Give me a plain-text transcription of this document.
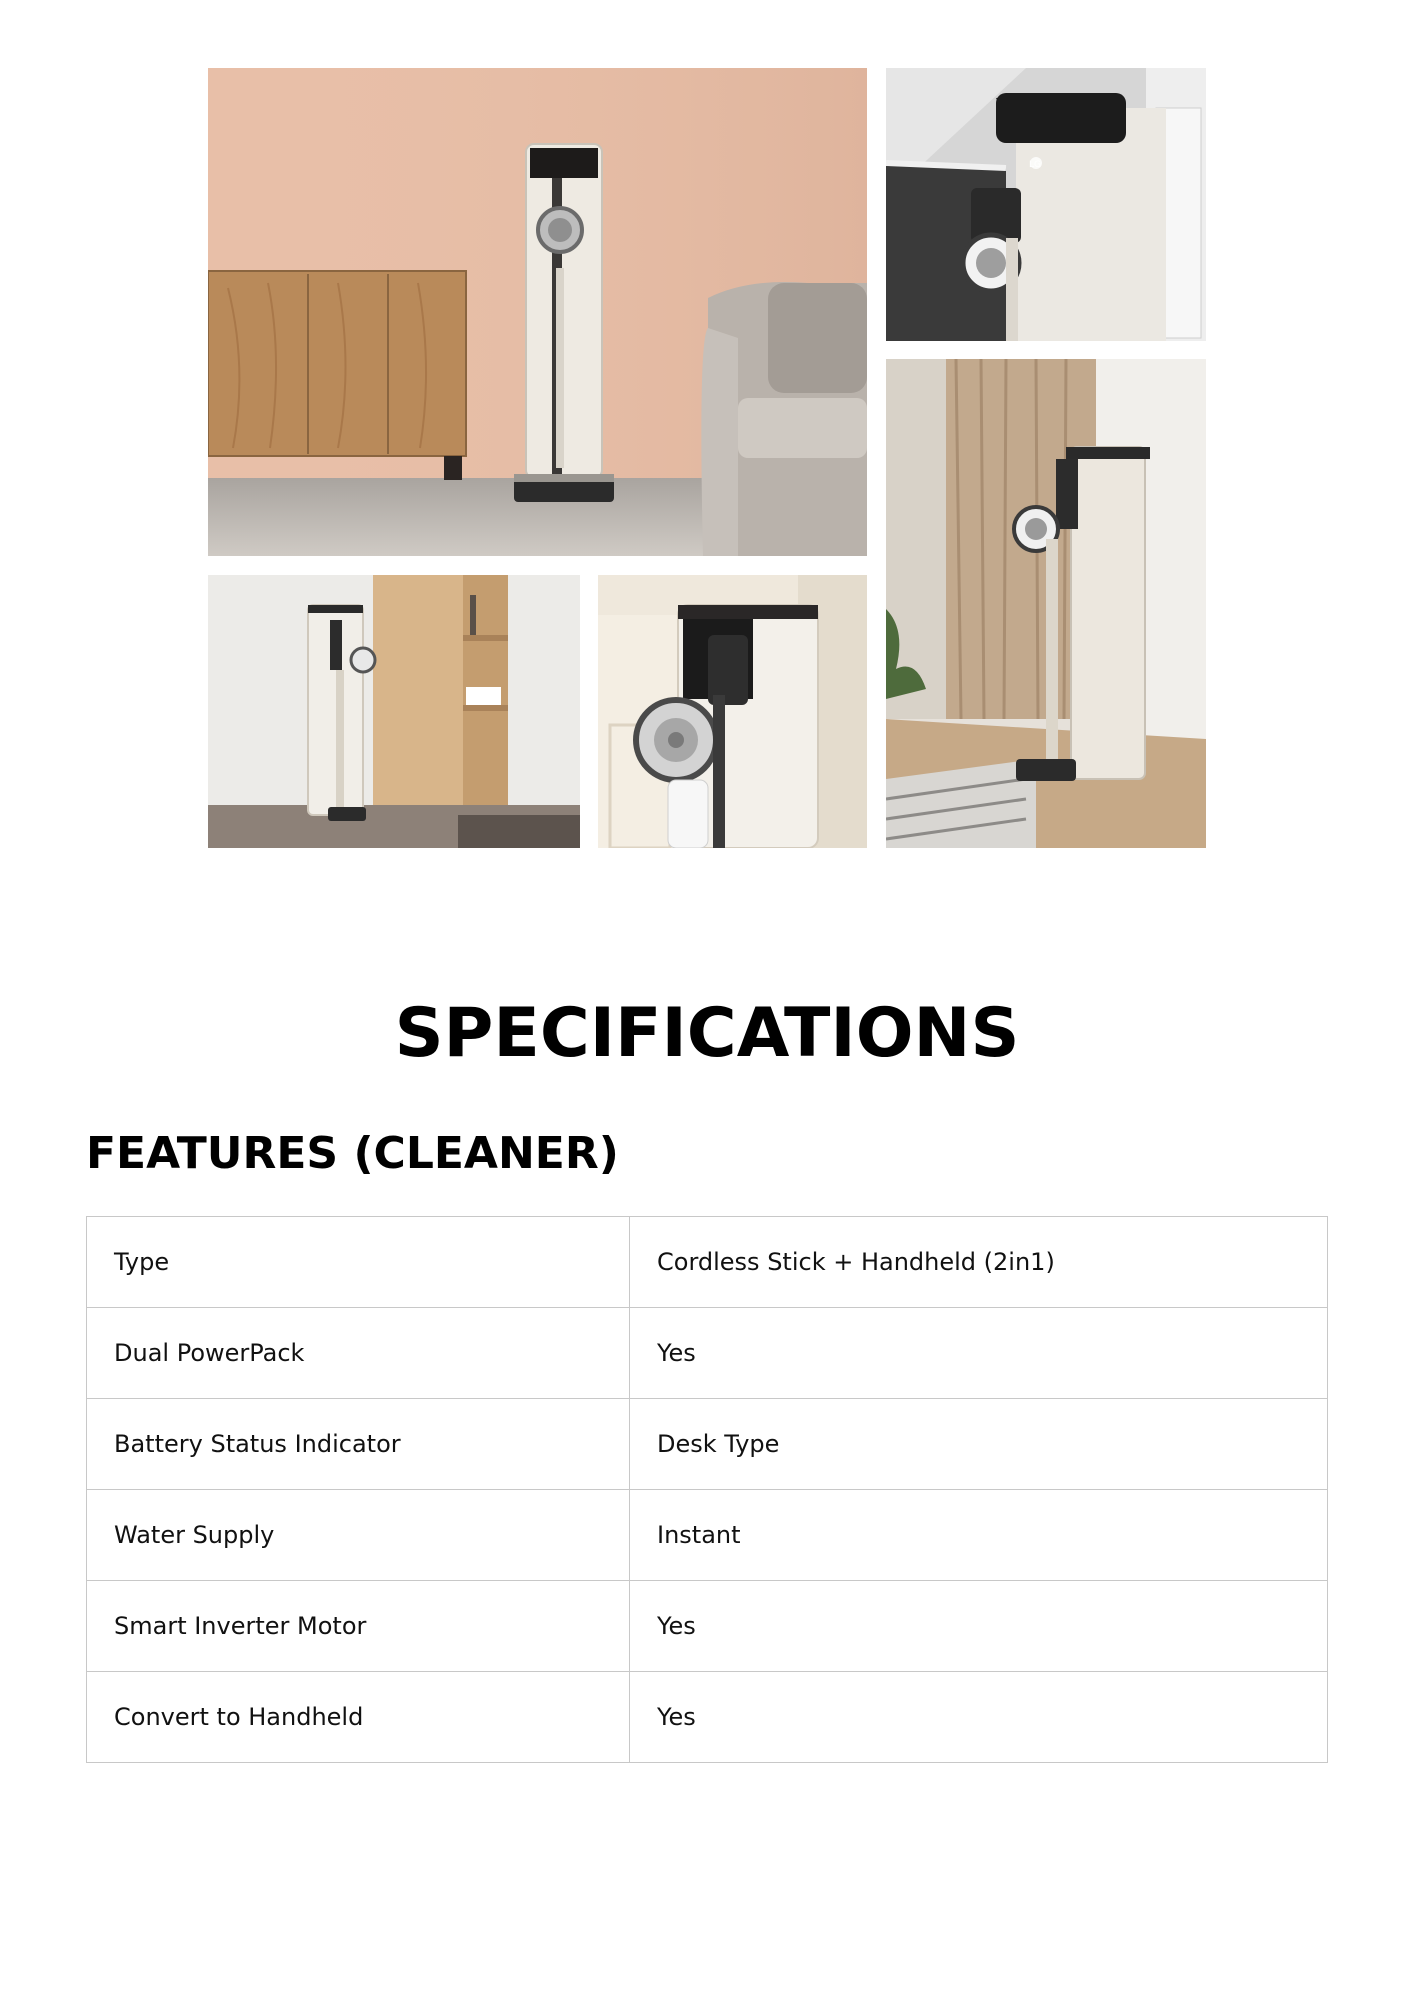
LG
SPECIFICATIONS
FEATURES (CLEANER)
Type	Cordless Stick + Handheld (2in1)
Dual PowerPack	Yes
Battery Status Indicator	Desk Type
Water Supply	Instant
Smart Inverter Motor	Yes
Convert to Handheld	Yes
